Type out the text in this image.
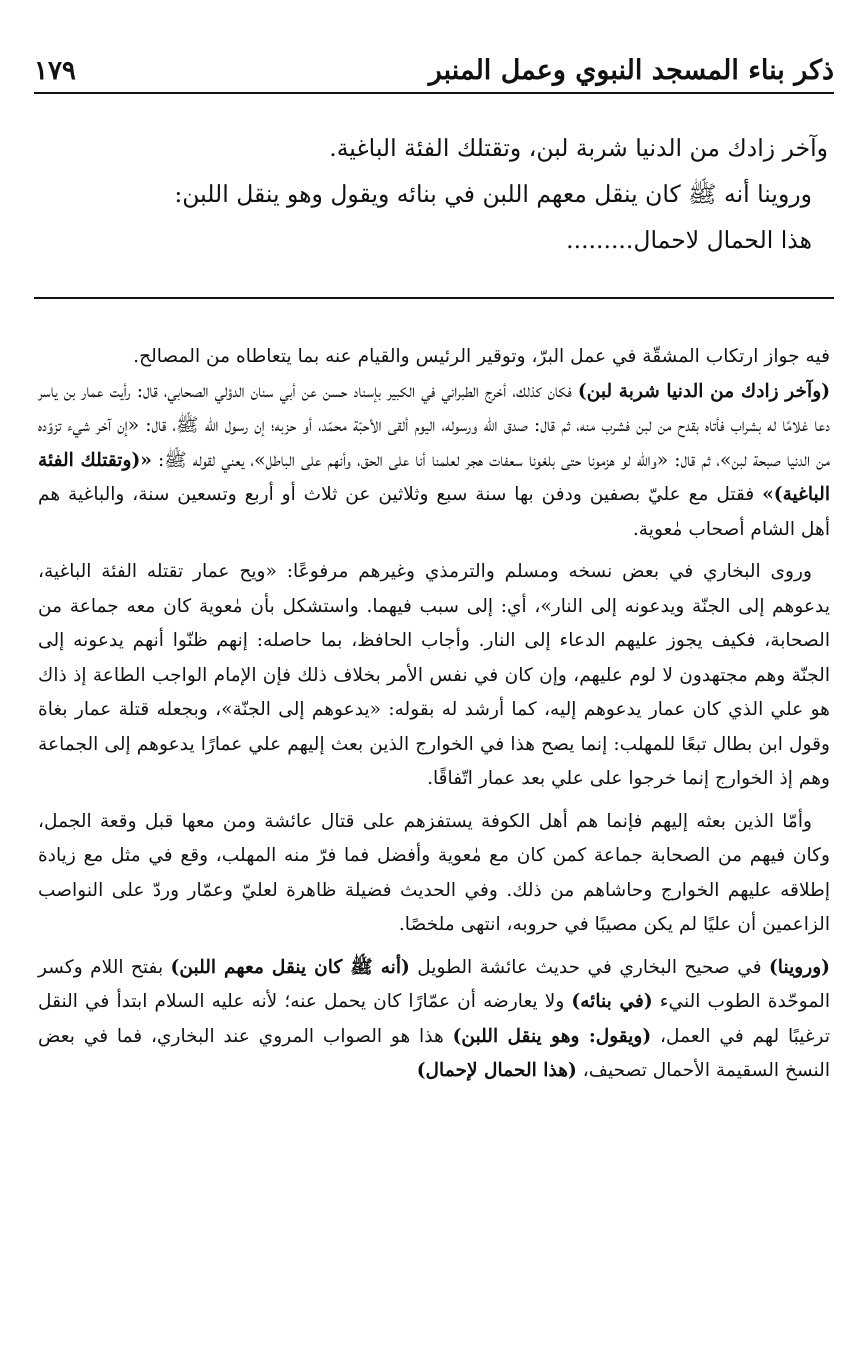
١٧٩	ذكر بناء المسجد النبوي وعمل المنبر

وآخر زادك من الدنيا شربة لبن، وتقتلك الفئة الباغية.

وروينا أنه ﷺ كان ينقل معهم اللبن في بنائه ويقول وهو ينقل اللبن:

هذا الحمال لاحمال.........

فيه جواز ارتكاب المشقّة في عمل البرّ، وتوقير الرئيس والقيام عنه بما يتعاطاه من المصالح.
(وآخر زادك من الدنيا شربة لبن) فكان كذلك، أخرج الطبراني في الكبير بإسناد حسن عن أبي سنان الدؤلي الصحابي، قال: رأيت عمار بن ياسر دعا غلامًا له بشراب فأتاه بقدح من لبن فشرب منه، ثم قال: صدق اللّٰه ورسوله، اليوم ألقى الأحبّة محمّد، أو حزبه؛ إن رسول اللّٰه ﷺ، قال: «إن آخر شيء تزوّده من الدنيا صبحة لبن»، ثم قال: «واللّٰه لو هزمونا حتى بلغونا سعفات هجر لعلمنا أنا على الحق، وأنهم على الباطل»، يعني لقوله ﷺ: «(وتقتلك الفئة الباغية)» فقتل مع عليّ بصفين ودفن بها سنة سبع وثلاثين عن ثلاث أو أربع وتسعين سنة، والباغية هم أهل الشام أصحاب مٰعوية.

وروى البخاري في بعض نسخه ومسلم والترمذي وغيرهم مرفوعًا: «ويح عمار تقتله الفئة الباغية، يدعوهم إلى الجنّة ويدعونه إلى النار»، أي: إلى سبب فيهما. واستشكل بأن مٰعوية كان معه جماعة من الصحابة، فكيف يجوز عليهم الدعاء إلى النار. وأجاب الحافظ، بما حاصله: إنهم ظنّوا أنهم يدعونه إلى الجنّة وهم مجتهدون لا لوم عليهم، وإن كان في نفس الأمر بخلاف ذلك فإن الإمام الواجب الطاعة إذ ذاك هو علي الذي كان عمار يدعوهم إليه، كما أرشد له بقوله: «يدعوهم إلى الجنّة»، وبجعله قتلة عمار بغاة وقول ابن بطال تبعًا للمهلب: إنما يصح هذا في الخوارج الذين بعث إليهم علي عمارًا يدعوهم إلى الجماعة وهم إذ الخوارج إنما خرجوا على علي بعد عمار اتّفاقًا.

وأمّا الذين بعثه إليهم فإنما هم أهل الكوفة يستفزهم على قتال عائشة ومن معها قبل وقعة الجمل، وكان فيهم من الصحابة جماعة كمن كان مع مٰعوية وأفضل فما فرّ منه المهلب، وقع في مثل مع زيادة إطلاقه عليهم الخوارج وحاشاهم من ذلك. وفي الحديث فضيلة ظاهرة لعليّ وعمّار وردّ على النواصب الزاعمين أن عليًا لم يكن مصيبًا في حروبه، انتهى ملخصًا.

(وروينا) في صحيح البخاري في حديث عائشة الطويل (أنه ﷺ كان ينقل معهم اللبن) بفتح اللام وكسر الموحّدة الطوب النيء (في بنائه) ولا يعارضه أن عمّارًا كان يحمل عنه؛ لأنه عليه السلام ابتدأ في النقل ترغيبًا لهم في العمل، (ويقول: وهو ينقل اللبن) هذا هو الصواب المروي عند البخاري، فما في بعض النسخ السقيمة الأحمال تصحيف، (هذا الحمال لإحمال)
